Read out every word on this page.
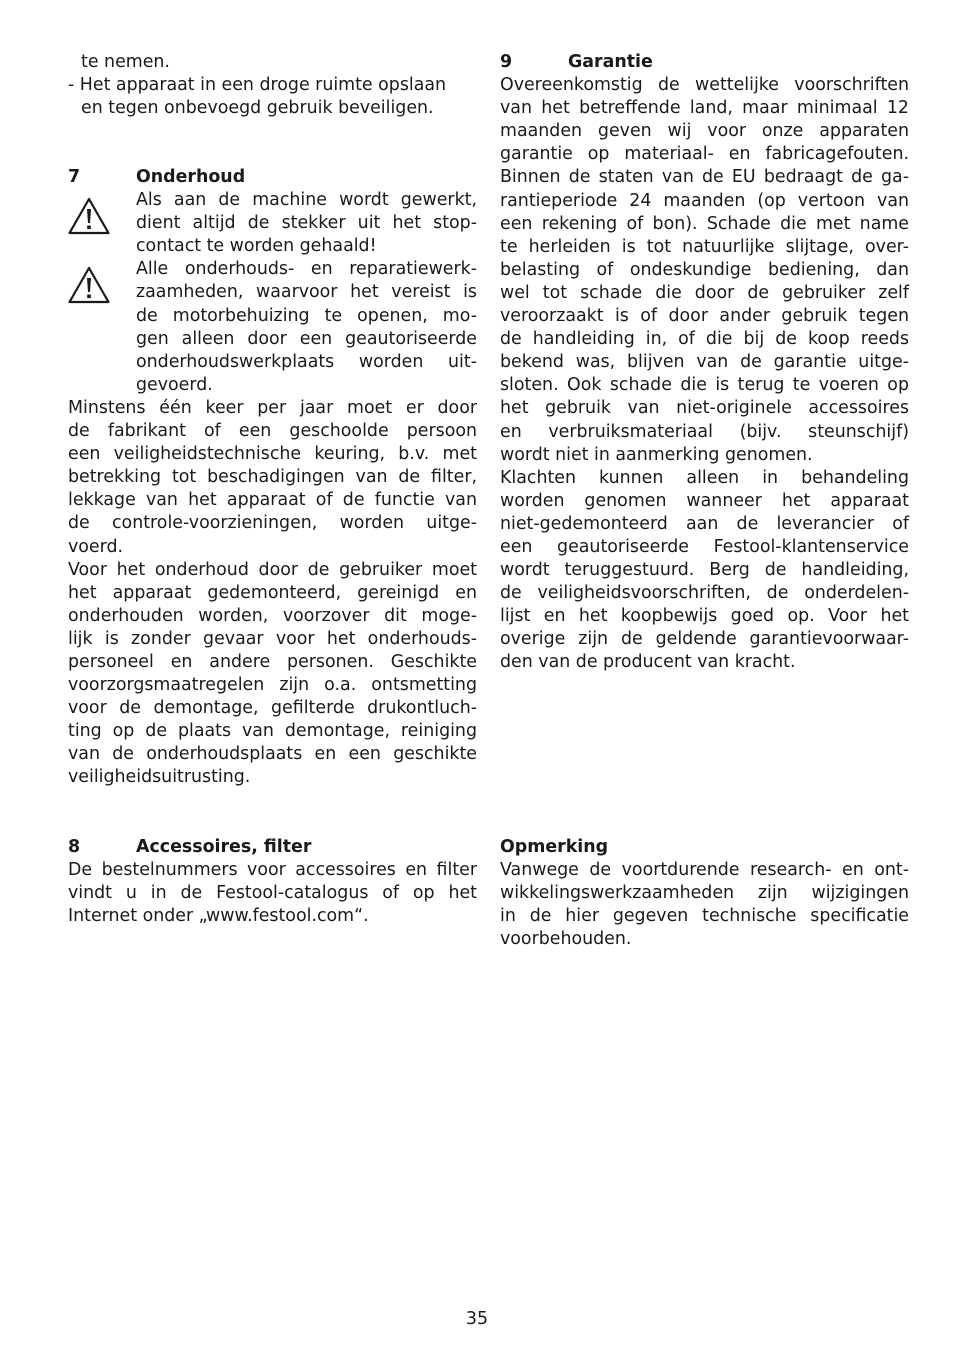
te nemen.
- Het apparaat in een droge ruimte opslaan
en tegen onbevoegd gebruik beveiligen.
7	Onderhoud
Als aan de machine wordt gewerkt,
dient altijd de stekker uit het stop-
contact te worden gehaald!
Alle onderhouds- en reparatiewerk-
zaamheden, waarvoor het vereist is
de motorbehuizing te openen, mo-
gen alleen door een geautoriseerde
onderhoudswerkplaats worden uit-
gevoerd.
Minstens één keer per jaar moet er door
de fabrikant of een geschoolde persoon
een veiligheidstechnische keuring, b.v. met
betrekking tot beschadigingen van de filter,
lekkage van het apparaat of de functie van
de controle-voorzieningen, worden uitge-
voerd.
Voor het onderhoud door de gebruiker moet
het apparaat gedemonteerd, gereinigd en
onderhouden worden, voorzover dit moge-
lijk is zonder gevaar voor het onderhouds-
personeel en andere personen. Geschikte
voorzorgsmaatregelen zijn o.a. ontsmetting
voor de demontage, gefilterde drukontluch-
ting op de plaats van demontage, reiniging
van de onderhoudsplaats en een geschikte
veiligheidsuitrusting.
8	Accessoires, filter
De bestelnummers voor accessoires en filter
vindt u in de Festool-catalogus of op het
Internet onder „www.festool.com“.
9	Garantie
Overeenkomstig de wettelijke voorschriften
van het betreffende land, maar minimaal 12
maanden geven wij voor onze apparaten
garantie op materiaal- en fabricagefouten.
Binnen de staten van de EU bedraagt de ga-
rantieperiode 24 maanden (op vertoon van
een rekening of bon). Schade die met name
te herleiden is tot natuurlijke slijtage, over-
belasting of ondeskundige bediening, dan
wel tot schade die door de gebruiker zelf
veroorzaakt is of door ander gebruik tegen
de handleiding in, of die bij de koop reeds
bekend was, blijven van de garantie uitge-
sloten. Ook schade die is terug te voeren op
het gebruik van niet-originele accessoires
en verbruiksmateriaal (bijv. steunschijf)
wordt niet in aanmerking genomen.
Klachten kunnen alleen in behandeling
worden genomen wanneer het apparaat
niet-gedemonteerd aan de leverancier of
een geautoriseerde Festool-klantenservice
wordt teruggestuurd. Berg de handleiding,
de veiligheidsvoorschriften, de onderdelen-
lijst en het koopbewijs goed op. Voor het
overige zijn de geldende garantievoorwaar-
den van de producent van kracht.
Opmerking
Vanwege de voortdurende research- en ont-
wikkelingswerkzaamheden zijn wijzigingen
in de hier gegeven technische specificatie
voorbehouden.
35
